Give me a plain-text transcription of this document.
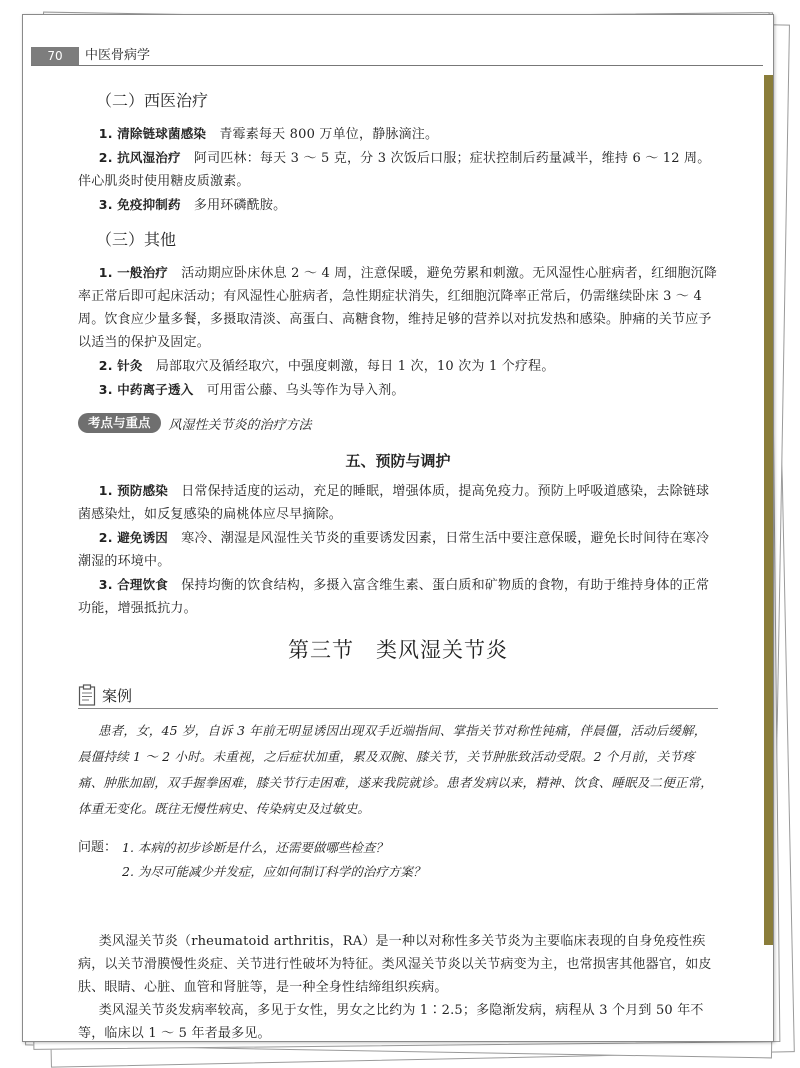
70	中医骨病学
（二）西医治疗

1. 清除链球菌感染　 青霉素每天 800 万单位，静脉滴注。

2. 抗风湿治疗　 阿司匹林：每天 3 ～ 5 克，分 3 次饭后口服；症状控制后药量减半，维持 6 ～ 12 周。伴心肌炎时使用糖皮质激素。

3. 免疫抑制药　 多用环磷酰胺。

（三）其他

1. 一般治疗　 活动期应卧床休息 2 ～ 4 周，注意保暖，避免劳累和刺激。无风湿性心脏病者，红细胞沉降率正常后即可起床活动；有风湿性心脏病者，急性期症状消失，红细胞沉降率正常后，仍需继续卧床 3 ～ 4 周。饮食应少量多餐，多摄取清淡、高蛋白、高糖食物，维持足够的营养以对抗发热和感染。肿痛的关节应予以适当的保护及固定。

2. 针灸　 局部取穴及循经取穴，中强度刺激，每日 1 次，10 次为 1 个疗程。

3. 中药离子透入　 可用雷公藤、乌头等作为导入剂。

考点与重点	风湿性关节炎的治疗方法
五、预防与调护

1. 预防感染　 日常保持适度的运动，充足的睡眠，增强体质，提高免疫力。预防上呼吸道感染，去除链球菌感染灶，如反复感染的扁桃体应尽早摘除。

2. 避免诱因　 寒冷、潮湿是风湿性关节炎的重要诱发因素，日常生活中要注意保暖，避免长时间待在寒冷潮湿的环境中。

3. 合理饮食　 保持均衡的饮食结构，多摄入富含维生素、蛋白质和矿物质的食物，有助于维持身体的正常功能，增强抵抗力。

第三节　类风湿关节炎
案例

患者，女，45 岁，自诉 3 年前无明显诱因出现双手近端指间、掌指关节对称性钝痛，伴晨僵，活动后缓解，晨僵持续 1 ～ 2 小时。未重视，之后症状加重，累及双腕、膝关节，关节肿胀致活动受限。2 个月前，关节疼痛、肿胀加剧，双手握拳困难，膝关节行走困难，遂来我院就诊。患者发病以来，精神、饮食、睡眠及二便正常，体重无变化。既往无慢性病史、传染病史及过敏史。

问题： 1. 本病的初步诊断是什么，还需要做哪些检查？
2. 为尽可能减少并发症，应如何制订科学的治疗方案？

类风湿关节炎（rheumatoid arthritis，RA）是一种以对称性多关节炎为主要临床表现的自身免疫性疾病，以关节滑膜慢性炎症、关节进行性破坏为特征。类风湿关节炎以关节病变为主，也常损害其他器官，如皮肤、眼睛、心脏、血管和肾脏等，是一种全身性结缔组织疾病。

类风湿关节炎发病率较高，多见于女性，男女之比约为 1∶2.5；多隐渐发病，病程从 3 个月到 50 年不等，临床以 1 ～ 5 年者最多见。
